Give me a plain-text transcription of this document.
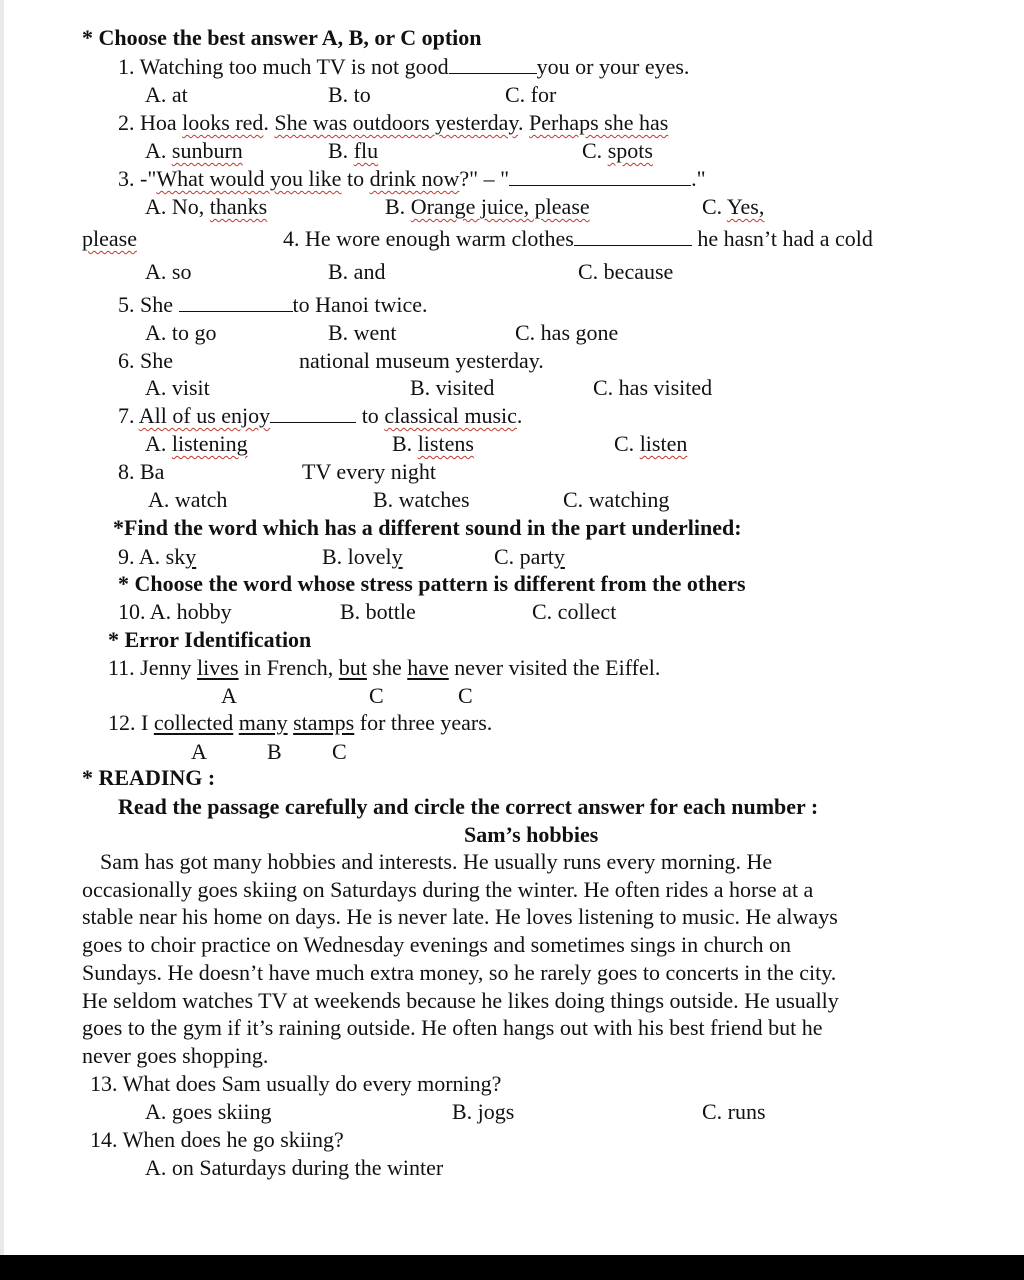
* Choose the best answer A, B, or C option
1. Watching too much TV is not good	you or your eyes.
A. at	B. to	C. for
2. Hoa looks red. She was outdoors yesterday. Perhaps she has
A. sunburn	B. flu	C. spots
3. -"What would you like to drink now?" – "	."
A. No, thanks	B. Orange juice, please	C. Yes,
please	4. He wore enough warm clothes	he hasn’t had a cold
A. so	B. and	C. because
5. She	to Hanoi twice.
A. to go	B. went	C. has gone
6. She	national museum yesterday.
A. visit	B. visited	C. has visited
7. All of us enjoy	to classical music.
A. listening	B. listens	C. listen
8. Ba	TV every night
A. watch	B. watches	C. watching
*Find the word which has a different sound in the part underlined:
9. A. sky	B. lovely	C. party
* Choose the word whose stress pattern is different from the others
10. A. hobby	B. bottle	C. collect
* Error Identification
11. Jenny lives in French, but she have never visited the Eiffel.
A	C	C
12. I collected many stamps for three years.
A	B C
* READING :
Read the passage carefully and circle the correct answer for each number :
Sam’s hobbies
Sam has got many hobbies and interests. He usually runs every morning. He
occasionally goes skiing on Saturdays during the winter. He often rides a horse at a
stable near his home on days. He is never late. He loves listening to music. He always
goes to choir practice on Wednesday evenings and sometimes sings in church on
Sundays. He doesn’t have much extra money, so he rarely goes to concerts in the city.
He seldom watches TV at weekends because he likes doing things outside. He usually
goes to the gym if it’s raining outside. He often hangs out with his best friend but he
never goes shopping.
13. What does Sam usually do every morning?
A. goes skiing	B. jogs	C. runs
14. When does he go skiing?
A. on Saturdays during the winter
